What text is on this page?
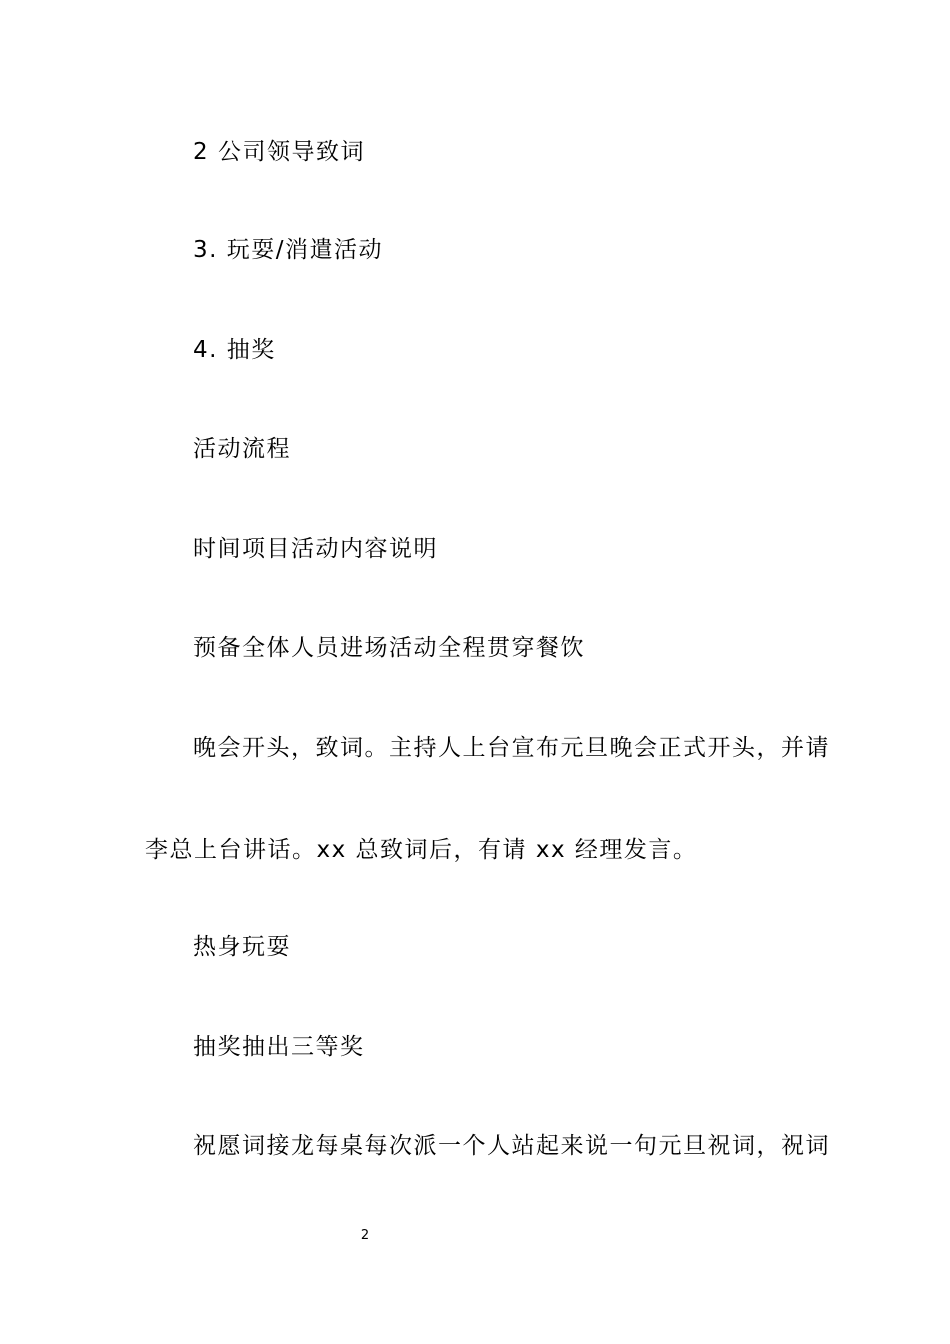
2 公司领导致词
3. 玩耍/消遣活动
4. 抽奖
活动流程
时间项目活动内容说明
预备全体人员进场活动全程贯穿餐饮
晚会开头，致词。主持人上台宣布元旦晚会正式开头，并请
李总上台讲话。xx 总致词后，有请 xx 经理发言。
热身玩耍
抽奖抽出三等奖
祝愿词接龙每桌每次派一个人站起来说一句元旦祝词，祝词
2
